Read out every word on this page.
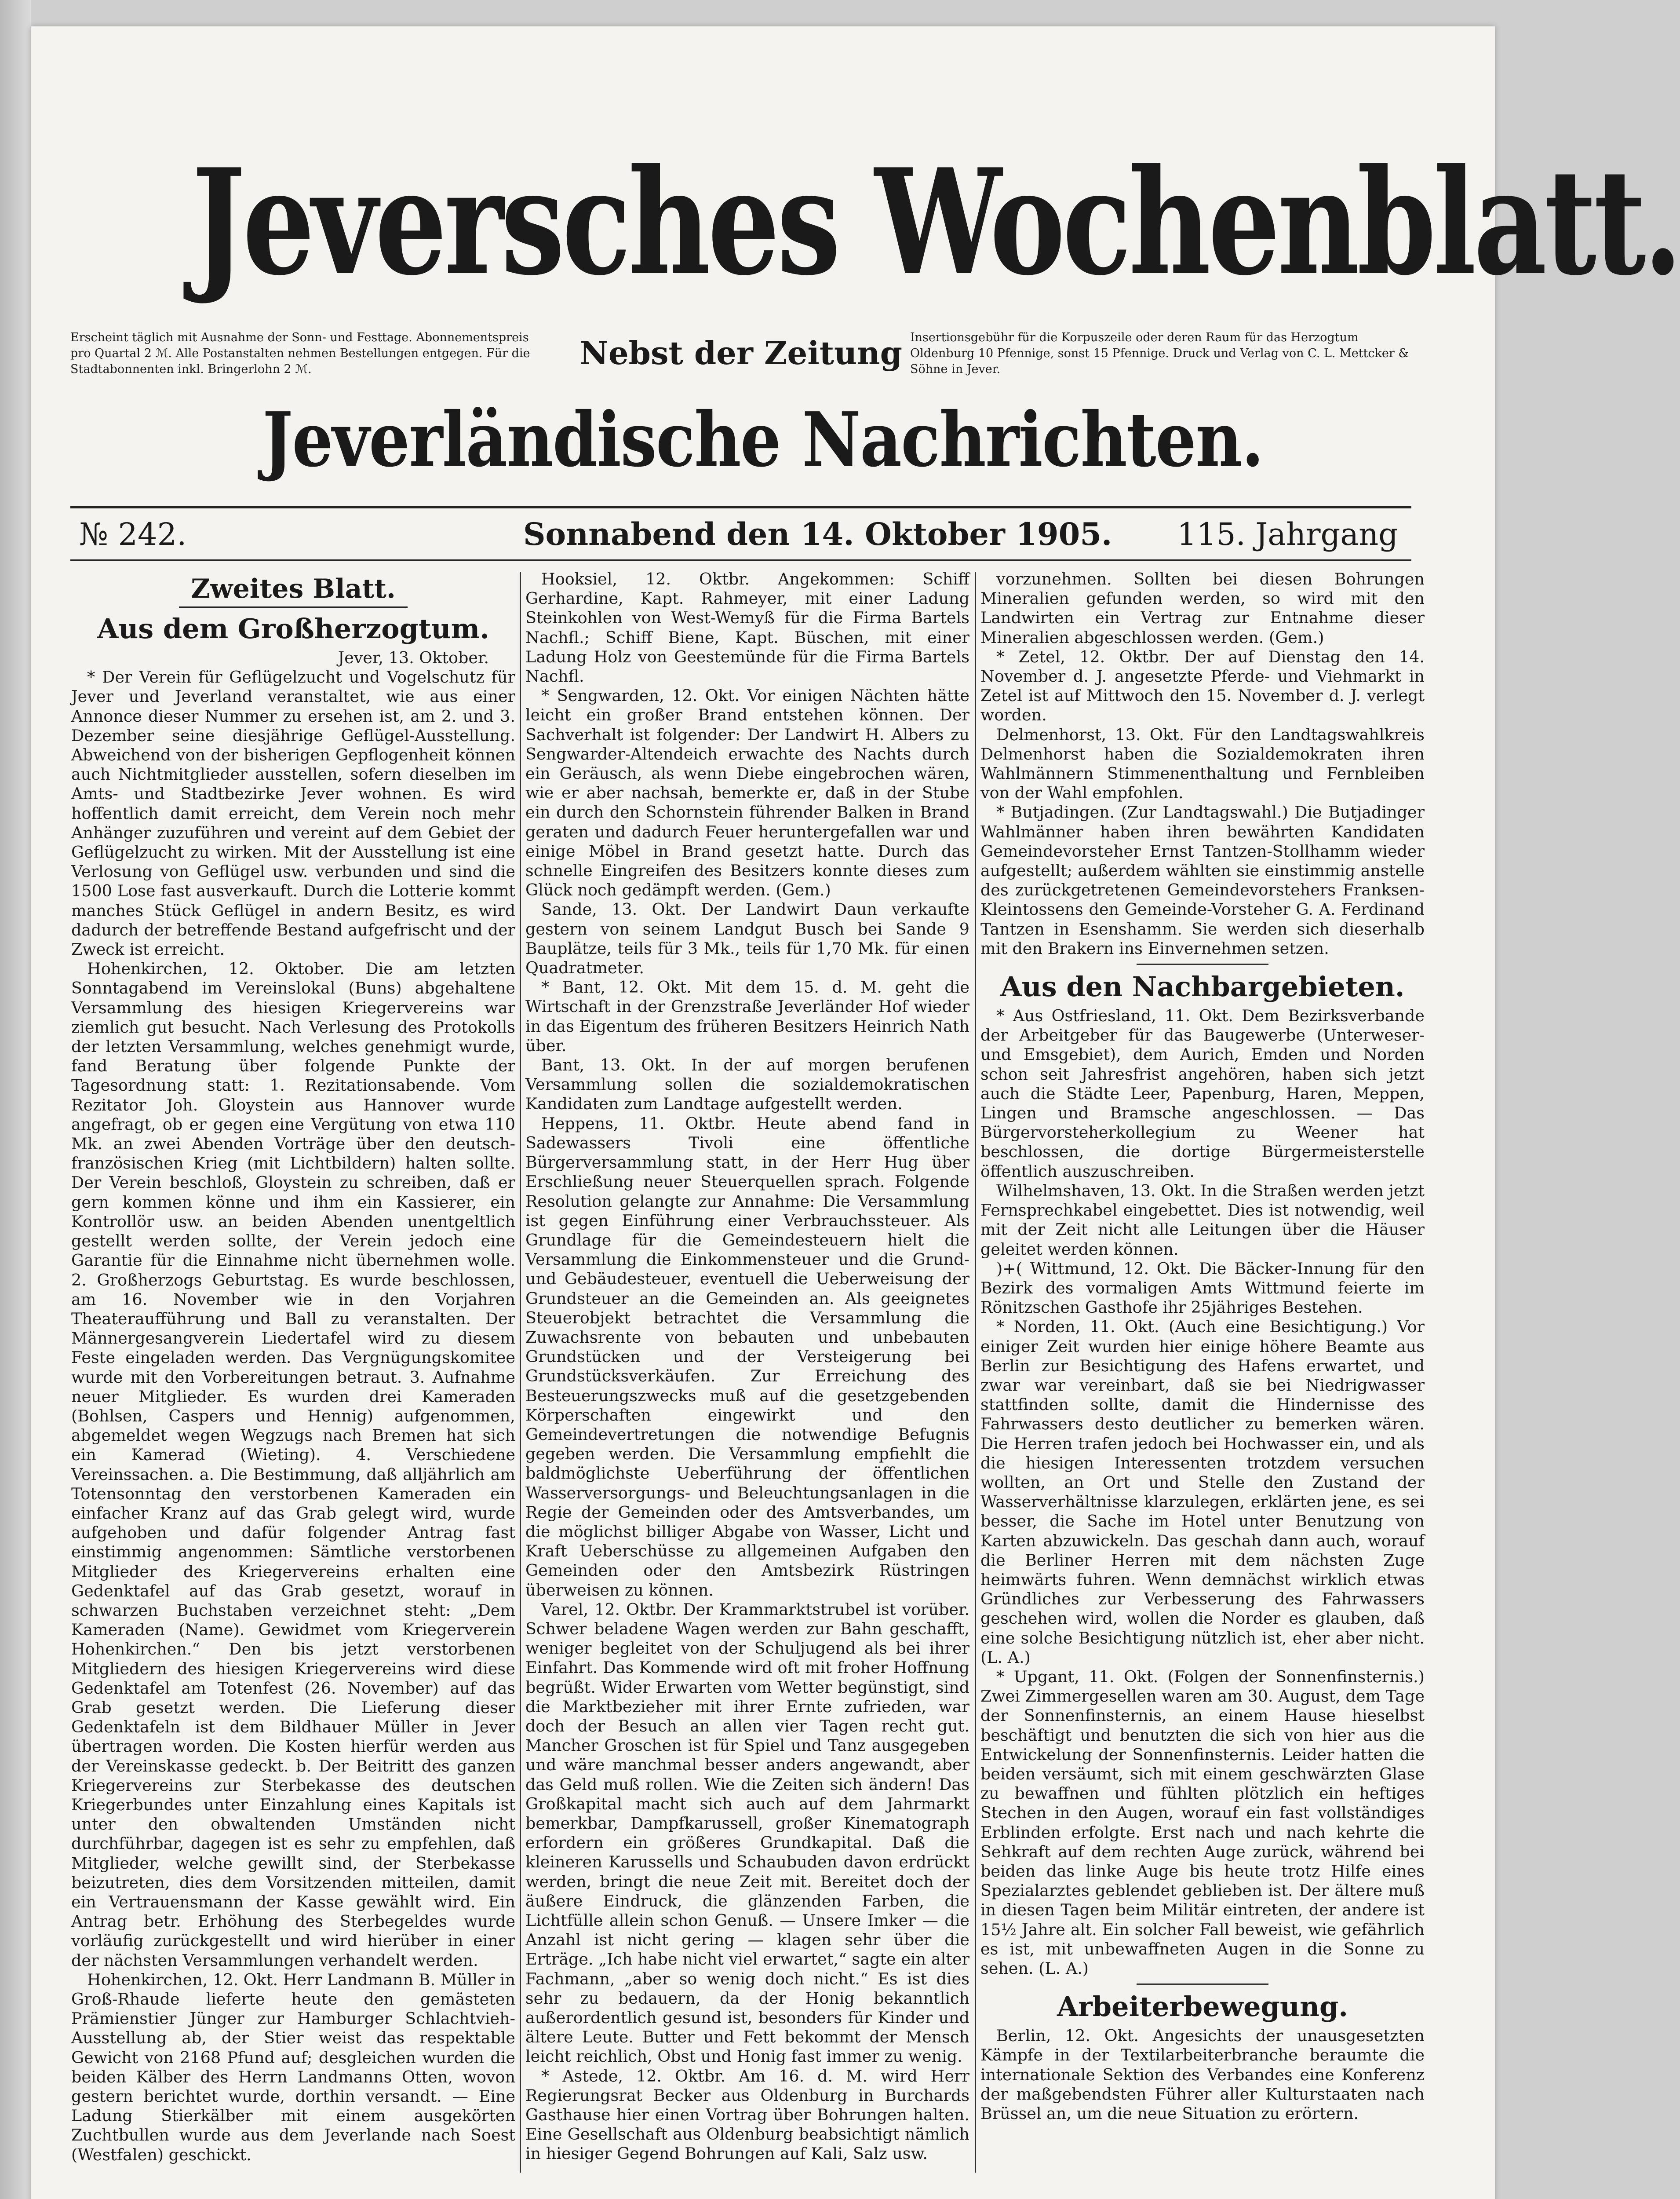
Jeversches Wochenblatt.
Erscheint täglich mit Ausnahme der Sonn- und Festtage. Abonnementspreis pro Quartal 2 ℳ. Alle Postanstalten nehmen Bestellungen entgegen. Für die Stadtabonnenten inkl. Bringerlohn 2 ℳ.	Nebst der Zeitung Insertionsgebühr für die Korpuszeile oder deren Raum für das Herzogtum Oldenburg 10 Pfennige, sonst 15 Pfennige. Druck und Verlag von C. L. Mettcker & Söhne in Jever.
Jeverländische Nachrichten.
№ 242.	Sonnabend den 14. Oktober 1905. 115. Jahrgang
Zweites Blatt.
Aus dem Großherzogtum.

Jever, 13. Oktober.

* Der Verein für Geflügelzucht und Vogelschutz für Jever und Jeverland veranstaltet, wie aus einer Annonce dieser Nummer zu ersehen ist, am 2. und 3. Dezember seine diesjährige Geflügel-Ausstellung. Abweichend von der bisherigen Gepflogenheit können auch Nichtmitglieder ausstellen, sofern dieselben im Amts- und Stadtbezirke Jever wohnen. Es wird hoffentlich damit erreicht, dem Verein noch mehr Anhänger zuzuführen und vereint auf dem Gebiet der Geflügelzucht zu wirken. Mit der Ausstellung ist eine Verlosung von Geflügel usw. verbunden und sind die 1500 Lose fast ausverkauft. Durch die Lotterie kommt manches Stück Geflügel in andern Besitz, es wird dadurch der betreffende Bestand aufgefrischt und der Zweck ist erreicht.

Hohenkirchen, 12. Oktober. Die am letzten Sonntagabend im Vereinslokal (Buns) abgehaltene Versammlung des hiesigen Kriegervereins war ziemlich gut besucht. Nach Verlesung des Protokolls der letzten Versammlung, welches genehmigt wurde, fand Beratung über folgende Punkte der Tagesordnung statt: 1. Rezitationsabende. Vom Rezitator Joh. Gloystein aus Hannover wurde angefragt, ob er gegen eine Vergütung von etwa 110 Mk. an zwei Abenden Vorträge über den deutsch-französischen Krieg (mit Lichtbildern) halten sollte. Der Verein beschloß, Gloystein zu schreiben, daß er gern kommen könne und ihm ein Kassierer, ein Kontrollör usw. an beiden Abenden unentgeltlich gestellt werden sollte, der Verein jedoch eine Garantie für die Einnahme nicht übernehmen wolle. 2. Großherzogs Geburtstag. Es wurde beschlossen, am 16. November wie in den Vorjahren Theateraufführung und Ball zu veranstalten. Der Männergesangverein Liedertafel wird zu diesem Feste eingeladen werden. Das Vergnügungskomitee wurde mit den Vorbereitungen betraut. 3. Aufnahme neuer Mitglieder. Es wurden drei Kameraden (Bohlsen, Caspers und Hennig) aufgenommen, abgemeldet wegen Wegzugs nach Bremen hat sich ein Kamerad (Wieting). 4. Verschiedene Vereinssachen. a. Die Bestimmung, daß alljährlich am Totensonntag den verstorbenen Kameraden ein einfacher Kranz auf das Grab gelegt wird, wurde aufgehoben und dafür folgender Antrag fast einstimmig angenommen: Sämtliche verstorbenen Mitglieder des Kriegervereins erhalten eine Gedenktafel auf das Grab gesetzt, worauf in schwarzen Buchstaben verzeichnet steht: „Dem Kameraden (Name). Gewidmet vom Kriegerverein Hohenkirchen.“ Den bis jetzt verstorbenen Mitgliedern des hiesigen Kriegervereins wird diese Gedenktafel am Totenfest (26. November) auf das Grab gesetzt werden. Die Lieferung dieser Gedenktafeln ist dem Bildhauer Müller in Jever übertragen worden. Die Kosten hierfür werden aus der Vereinskasse gedeckt. b. Der Beitritt des ganzen Kriegervereins zur Sterbekasse des deutschen Kriegerbundes unter Einzahlung eines Kapitals ist unter den obwaltenden Umständen nicht durchführbar, dagegen ist es sehr zu empfehlen, daß Mitglieder, welche gewillt sind, der Sterbekasse beizutreten, dies dem Vorsitzenden mitteilen, damit ein Vertrauensmann der Kasse gewählt wird. Ein Antrag betr. Erhöhung des Sterbegeldes wurde vorläufig zurückgestellt und wird hierüber in einer der nächsten Versammlungen verhandelt werden.

Hohenkirchen, 12. Okt. Herr Landmann B. Müller in Groß-Rhaude lieferte heute den gemästeten Prämienstier Jünger zur Hamburger Schlachtvieh-Ausstellung ab, der Stier weist das respektable Gewicht von 2168 Pfund auf; desgleichen wurden die beiden Kälber des Herrn Landmanns Otten, wovon gestern berichtet wurde, dorthin versandt. — Eine Ladung Stierkälber mit einem ausgekörten Zuchtbullen wurde aus dem Jeverlande nach Soest (Westfalen) geschickt.

Hooksiel, 12. Oktbr. Angekommen: Schiff Gerhardine, Kapt. Rahmeyer, mit einer Ladung Steinkohlen von West-Wemyß für die Firma Bartels Nachfl.; Schiff Biene, Kapt. Büschen, mit einer Ladung Holz von Geestemünde für die Firma Bartels Nachfl.

* Sengwarden, 12. Okt. Vor einigen Nächten hätte leicht ein großer Brand entstehen können. Der Sachverhalt ist folgender: Der Landwirt H. Albers zu Sengwarder-Altendeich erwachte des Nachts durch ein Geräusch, als wenn Diebe eingebrochen wären, wie er aber nachsah, bemerkte er, daß in der Stube ein durch den Schornstein führender Balken in Brand geraten und dadurch Feuer heruntergefallen war und einige Möbel in Brand gesetzt hatte. Durch das schnelle Eingreifen des Besitzers konnte dieses zum Glück noch gedämpft werden. (Gem.)

Sande, 13. Okt. Der Landwirt Daun verkaufte gestern von seinem Landgut Busch bei Sande 9 Bauplätze, teils für 3 Mk., teils für 1,70 Mk. für einen Quadratmeter.

* Bant, 12. Okt. Mit dem 15. d. M. geht die Wirtschaft in der Grenzstraße Jeverländer Hof wieder in das Eigentum des früheren Besitzers Heinrich Nath über.

Bant, 13. Okt. In der auf morgen berufenen Versammlung sollen die sozialdemokratischen Kandidaten zum Landtage aufgestellt werden.

Heppens, 11. Oktbr. Heute abend fand in Sadewassers Tivoli eine öffentliche Bürgerversammlung statt, in der Herr Hug über Erschließung neuer Steuerquellen sprach. Folgende Resolution gelangte zur Annahme: Die Versammlung ist gegen Einführung einer Verbrauchssteuer. Als Grundlage für die Gemeindesteuern hielt die Versammlung die Einkommensteuer und die Grund- und Gebäudesteuer, eventuell die Ueberweisung der Grundsteuer an die Gemeinden an. Als geeignetes Steuerobjekt betrachtet die Versammlung die Zuwachsrente von bebauten und unbebauten Grundstücken und der Versteigerung bei Grundstücksverkäufen. Zur Erreichung des Besteuerungszwecks muß auf die gesetzgebenden Körperschaften eingewirkt und den Gemeindevertretungen die notwendige Befugnis gegeben werden. Die Versammlung empfiehlt die baldmöglichste Ueberführung der öffentlichen Wasserversorgungs- und Beleuchtungsanlagen in die Regie der Gemeinden oder des Amtsverbandes, um die möglichst billiger Abgabe von Wasser, Licht und Kraft Ueberschüsse zu allgemeinen Aufgaben den Gemeinden oder den Amtsbezirk Rüstringen überweisen zu können.

Varel, 12. Oktbr. Der Krammarktstrubel ist vorüber. Schwer beladene Wagen werden zur Bahn geschafft, weniger begleitet von der Schuljugend als bei ihrer Einfahrt. Das Kommende wird oft mit froher Hoffnung begrüßt. Wider Erwarten vom Wetter begünstigt, sind die Marktbezieher mit ihrer Ernte zufrieden, war doch der Besuch an allen vier Tagen recht gut. Mancher Groschen ist für Spiel und Tanz ausgegeben und wäre manchmal besser anders angewandt, aber das Geld muß rollen. Wie die Zeiten sich ändern! Das Großkapital macht sich auch auf dem Jahrmarkt bemerkbar, Dampfkarussell, großer Kinematograph erfordern ein größeres Grundkapital. Daß die kleineren Karussells und Schaubuden davon erdrückt werden, bringt die neue Zeit mit. Bereitet doch der äußere Eindruck, die glänzenden Farben, die Lichtfülle allein schon Genuß. — Unsere Imker — die Anzahl ist nicht gering — klagen sehr über die Erträge. „Ich habe nicht viel erwartet,“ sagte ein alter Fachmann, „aber so wenig doch nicht.“ Es ist dies sehr zu bedauern, da der Honig bekanntlich außerordentlich gesund ist, besonders für Kinder und ältere Leute. Butter und Fett bekommt der Mensch leicht reichlich, Obst und Honig fast immer zu wenig.

* Astede, 12. Oktbr. Am 16. d. M. wird Herr Regierungsrat Becker aus Oldenburg in Burchards Gasthause hier einen Vortrag über Bohrungen halten. Eine Gesellschaft aus Oldenburg beabsichtigt nämlich in hiesiger Gegend Bohrungen auf Kali, Salz usw.

vorzunehmen. Sollten bei diesen Bohrungen Mineralien gefunden werden, so wird mit den Landwirten ein Vertrag zur Entnahme dieser Mineralien abgeschlossen werden. (Gem.)

* Zetel, 12. Oktbr. Der auf Dienstag den 14. November d. J. angesetzte Pferde- und Viehmarkt in Zetel ist auf Mittwoch den 15. November d. J. verlegt worden.

Delmenhorst, 13. Okt. Für den Landtagswahlkreis Delmenhorst haben die Sozialdemokraten ihren Wahlmännern Stimmenenthaltung und Fernbleiben von der Wahl empfohlen.

* Butjadingen. (Zur Landtagswahl.) Die Butjadinger Wahlmänner haben ihren bewährten Kandidaten Gemeindevorsteher Ernst Tantzen-Stollhamm wieder aufgestellt; außerdem wählten sie einstimmig anstelle des zurückgetretenen Gemeindevorstehers Franksen-Kleintossens den Gemeinde-Vorsteher G. A. Ferdinand Tantzen in Esenshamm. Sie werden sich dieserhalb mit den Brakern ins Einvernehmen setzen.

Aus den Nachbargebieten.

* Aus Ostfriesland, 11. Okt. Dem Bezirksverbande der Arbeitgeber für das Baugewerbe (Unterweser- und Emsgebiet), dem Aurich, Emden und Norden schon seit Jahresfrist angehören, haben sich jetzt auch die Städte Leer, Papenburg, Haren, Meppen, Lingen und Bramsche angeschlossen. — Das Bürgervorsteherkollegium zu Weener hat beschlossen, die dortige Bürgermeisterstelle öffentlich auszuschreiben.

Wilhelmshaven, 13. Okt. In die Straßen werden jetzt Fernsprechkabel eingebettet. Dies ist notwendig, weil mit der Zeit nicht alle Leitungen über die Häuser geleitet werden können.

)+( Wittmund, 12. Okt. Die Bäcker-Innung für den Bezirk des vormaligen Amts Wittmund feierte im Rönitzschen Gasthofe ihr 25jähriges Bestehen.

* Norden, 11. Okt. (Auch eine Besichtigung.) Vor einiger Zeit wurden hier einige höhere Beamte aus Berlin zur Besichtigung des Hafens erwartet, und zwar war vereinbart, daß sie bei Niedrigwasser stattfinden sollte, damit die Hindernisse des Fahrwassers desto deutlicher zu bemerken wären. Die Herren trafen jedoch bei Hochwasser ein, und als die hiesigen Interessenten trotzdem versuchen wollten, an Ort und Stelle den Zustand der Wasserverhältnisse klarzulegen, erklärten jene, es sei besser, die Sache im Hotel unter Benutzung von Karten abzuwickeln. Das geschah dann auch, worauf die Berliner Herren mit dem nächsten Zuge heimwärts fuhren. Wenn demnächst wirklich etwas Gründliches zur Verbesserung des Fahrwassers geschehen wird, wollen die Norder es glauben, daß eine solche Besichtigung nützlich ist, eher aber nicht. (L. A.)

* Upgant, 11. Okt. (Folgen der Sonnenfinsternis.) Zwei Zimmergesellen waren am 30. August, dem Tage der Sonnenfinsternis, an einem Hause hieselbst beschäftigt und benutzten die sich von hier aus die Entwickelung der Sonnenfinsternis. Leider hatten die beiden versäumt, sich mit einem geschwärzten Glase zu bewaffnen und fühlten plötzlich ein heftiges Stechen in den Augen, worauf ein fast vollständiges Erblinden erfolgte. Erst nach und nach kehrte die Sehkraft auf dem rechten Auge zurück, während bei beiden das linke Auge bis heute trotz Hilfe eines Spezialarztes geblendet geblieben ist. Der ältere muß in diesen Tagen beim Militär eintreten, der andere ist 15½ Jahre alt. Ein solcher Fall beweist, wie gefährlich es ist, mit unbewaffneten Augen in die Sonne zu sehen. (L. A.)

Arbeiterbewegung.

Berlin, 12. Okt. Angesichts der unausgesetzten Kämpfe in der Textilarbeiterbranche beraumte die internationale Sektion des Verbandes eine Konferenz der maßgebendsten Führer aller Kulturstaaten nach Brüssel an, um die neue Situation zu erörtern.
